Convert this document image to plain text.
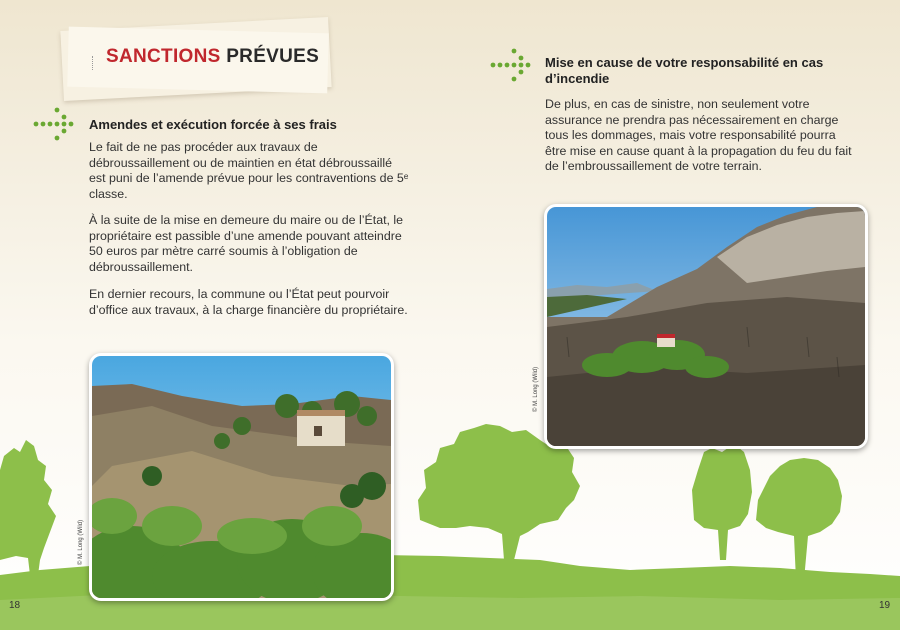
SANCTIONS PRÉVUES
Amendes et exécution forcée à ses frais

Le fait de ne pas procéder aux travaux de débroussaillement ou de maintien en état débroussaillé est puni de l’amende prévue pour les contraventions de 5ᵉ classe.

À la suite de la mise en demeure du maire ou de l’État, le propriétaire est passible d’une amende pouvant atteindre 50 euros par mètre carré soumis à l’obligation de débroussaillement.

En dernier recours, la commune ou l’État peut pourvoir d’office aux travaux, à la charge financière du propriétaire.

© M. Long (Wild)
Mise en cause de votre responsabilité en cas d’incendie

De plus, en cas de sinistre, non seulement votre assurance ne prendra pas nécessairement en charge tous les dommages, mais votre responsabilité pourra être mise en cause quant à la propagation du feu du fait de l’embroussaillement de votre terrain.

© M. Long (Wild)
18	19
